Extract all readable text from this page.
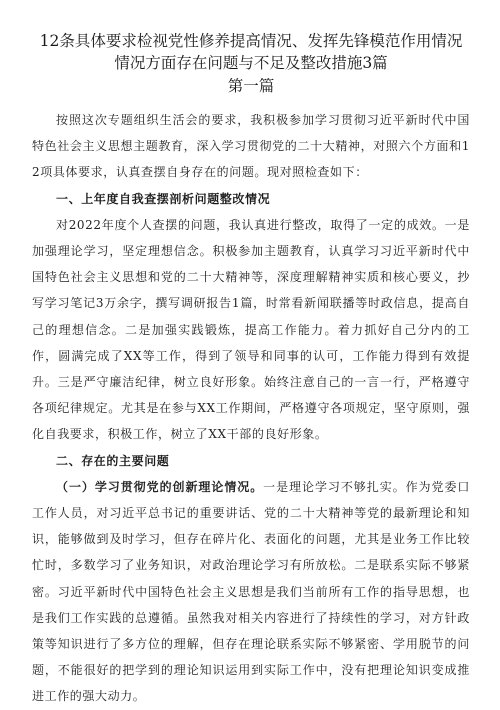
12条具体要求检视党性修养提高情况、发挥先锋模范作用情况情况方面存在问题与不足及整改措施3篇
第一篇

按照这次专题组织生活会的要求，我积极参加学习贯彻习近平新时代中国特色社会主义思想主题教育，深入学习贯彻党的二十大精神，对照六个方面和12项具体要求，认真查摆自身存在的问题。现对照检查如下：

一、上年度自我查摆剖析问题整改情况

对2022年度个人查摆的问题，我认真进行整改，取得了一定的成效。一是加强理论学习，坚定理想信念。积极参加主题教育，认真学习习近平新时代中国特色社会主义思想和党的二十大精神等，深度理解精神实质和核心要义，抄写学习笔记3万余字，撰写调研报告1篇，时常看新闻联播等时政信息，提高自己的理想信念。二是加强实践锻炼，提高工作能力。着力抓好自己分内的工作，圆满完成了XX等工作，得到了领导和同事的认可，工作能力得到有效提升。三是严守廉洁纪律，树立良好形象。始终注意自己的一言一行，严格遵守各项纪律规定。尤其是在参与XX工作期间，严格遵守各项规定，坚守原则，强化自我要求，积极工作，树立了XX干部的良好形象。

二、存在的主要问题

（一）学习贯彻党的创新理论情况。一是理论学习不够扎实。作为党委口工作人员，对习近平总书记的重要讲话、党的二十大精神等党的最新理论和知识，能够做到及时学习，但存在碎片化、表面化的问题，尤其是业务工作比较忙时，多数学习了业务知识，对政治理论学习有所放松。二是联系实际不够紧密。习近平新时代中国特色社会主义思想是我们当前所有工作的指导思想，也是我们工作实践的总遵循。虽然我对相关内容进行了持续性的学习，对方针政策等知识进行了多方位的理解，但存在理论联系实际不够紧密、学用脱节的问题，不能很好的把学到的理论知识运用到实际工作中，没有把理论知识变成推进工作的强大动力。
